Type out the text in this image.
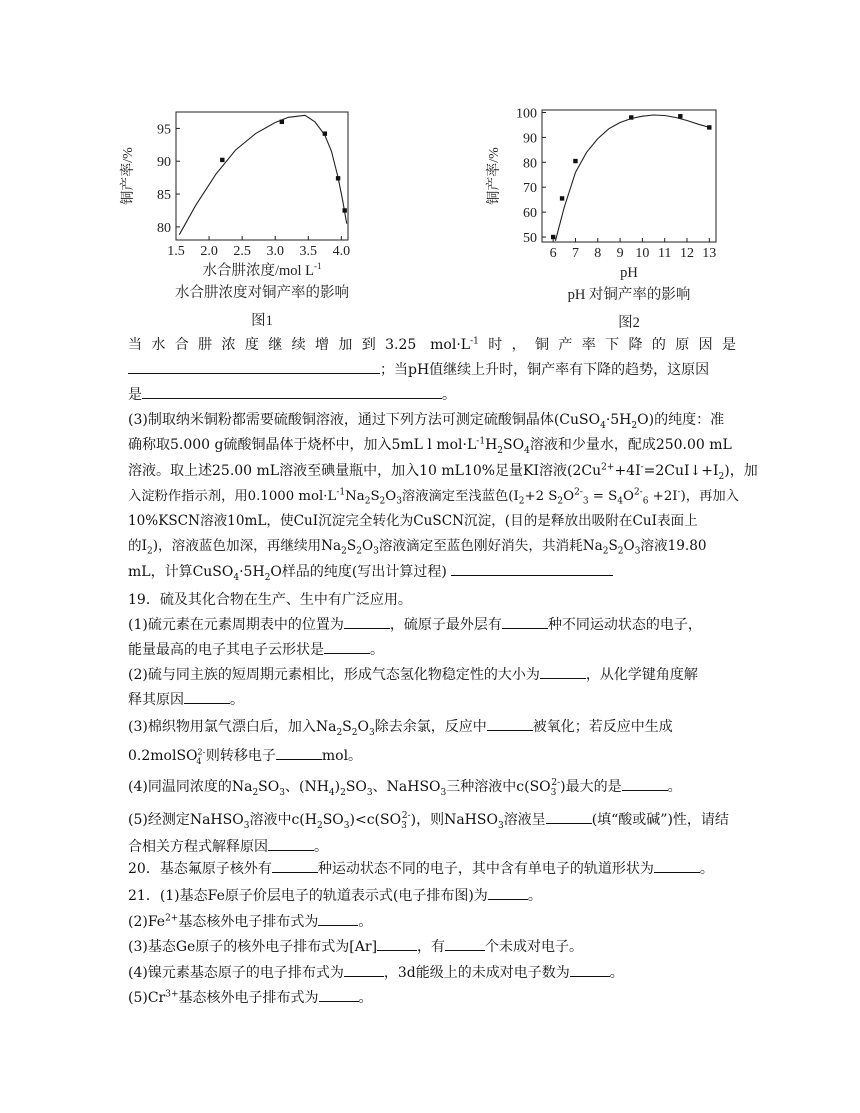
1.5 2.0 2.5 3.0 3.5 4.0
80
85
90
95
铜产率/%
水合肼浓度/mol $L^{-1}$
水合肼浓度对铜产率的影响
图1
6 7 8 9 10 11 12 13
50
60
70
80
90
100
铜产率/%
pH
pH 对铜产率的影响
图2

当水合肼浓度继续增加到3.25 $mol\cdot L^{-1}$时，铜产率下降的原因是

；当pH值继续上升时，铜产率有下降的趋势，这原因

是	。

(3)制取纳米铜粉都需要硫酸铜溶液，通过下列方法可测定硫酸铜晶体$(CuSO_4\cdot 5H_2O)$的纯度：准

确称取5.000 g硫酸铜晶体于烧杯中，加入5mL l $mol\cdot L^{-1}H_2SO_4$溶液和少量水，配成250.00 mL

溶液。取上述25.00 mL溶液至碘量瓶中，加入10 mL10%足量KI溶液$(2Cu^{2+}+4I^-=2CuI↓+I_2)$，加

入淀粉作指示剂，用0.1000 $mol\cdot L^{-1}Na_2S_2O_3$溶液滴定至浅蓝色($I_2+2$ $S_2O^{2-}_3 = S_4O^{2-}_6 +2I^-$)，再加入

10%KSCN溶液10mL，使CuI沉淀完全转化为CuSCN沉淀，(目的是释放出吸附在CuI表面上

的$I_2$)，溶液蓝色加深，再继续用$Na_2S_2O_3$溶液滴定至蓝色刚好消失，共消耗$Na_2S_2O_3$溶液19.80

mL，计算$CuSO_4\cdot 5H_2O$样品的纯度(写出计算过程)

19．硫及其化合物在生产、生中有广泛应用。

(1)硫元素在元素周期表中的位置为	，硫原子最外层有	种不同运动状态的电子，

能量最高的电子其电子云形状是	。

(2)硫与同主族的短周期元素相比，形成气态氢化物稳定性的大小为	，从化学键角度解

释其原因	。

(3)棉织物用氯气漂白后，加入$Na_2S_2O_3$除去余氯，反应中	被氧化；若反应中生成

0.2molSO$^{2-}_4$ 则转移电子	mol。

(4)同温同浓度的$Na_2SO_3$、$(NH_4)_2SO_3$、NaHSO$_3$三种溶液中$c(SO_3^{2-})$最大的是	。

(5)经测定NaHSO$_3$溶液中$c(H_2SO_3)<c(SO_3^{2-})$，则NaHSO$_3$溶液呈	(填“酸或碱”)性，请结

合相关方程式解释原因	。

20．基态氟原子核外有	种运动状态不同的电子，其中含有单电子的轨道形状为	。

21．(1)基态Fe原子价层电子的轨道表示式(电子排布图)为	。

$(2)Fe^{2+}$基态核外电子排布式为	。

(3)基态Ge原子的核外电子排布式为[Ar]	，有	个未成对电子。

(4)镍元素基态原子的电子排布式为	，3d能级上的未成对电子数为	。

$(5)Cr^{3+}$基态核外电子排布式为	。
